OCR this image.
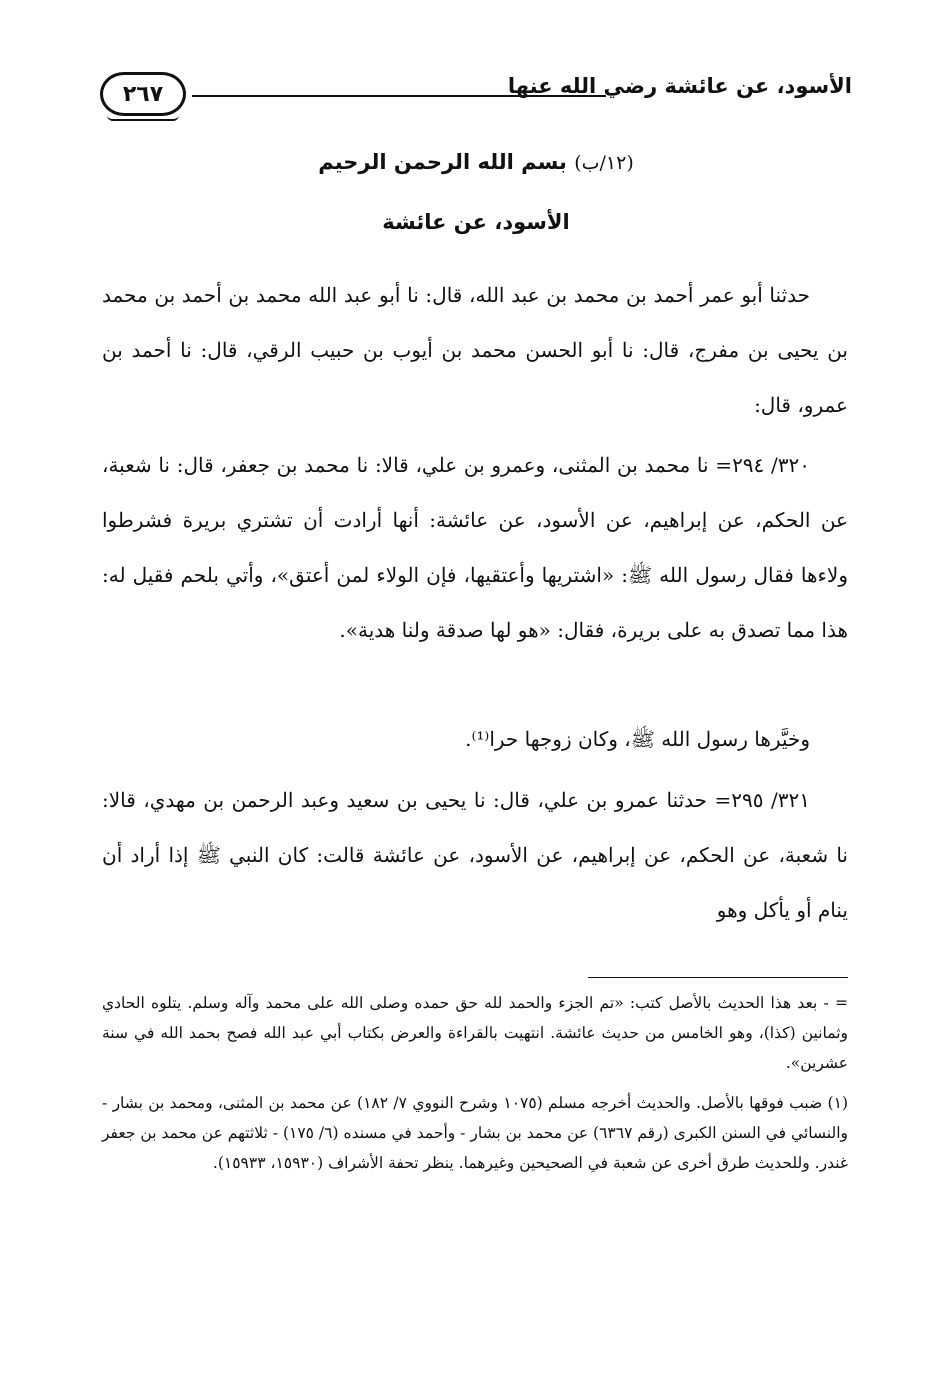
٢٦٧	الأسود، عن عائشة رضي الله عنها
(١٢/ب) بسم الله الرحمن الرحيم
الأسود، عن عائشة

حدثنا أبو عمر أحمد بن محمد بن عبد الله، قال: نا أبو عبد الله محمد بن أحمد بن محمد بن يحيى بن مفرج، قال: نا أبو الحسن محمد بن أيوب بن حبيب الرقي، قال: نا أحمد بن عمرو، قال:

٣٢٠/ ٢٩٤= نا محمد بن المثنى، وعمرو بن علي، قالا: نا محمد بن جعفر، قال: نا شعبة، عن الحكم، عن إبراهيم، عن الأسود، عن عائشة: أنها أرادت أن تشتري بريرة فشرطوا ولاءها فقال رسول الله ﷺ: «اشتريها وأعتقيها، فإن الولاء لمن أعتق»، وأتي بلحم فقيل له: هذا مما تصدق به على بريرة، فقال: «هو لها صدقة ولنا هدية».

وخيَّرها رسول الله ﷺ، وكان زوجها حرا⁽¹⁾.

٣٢١/ ٢٩٥= حدثنا عمرو بن علي، قال: نا يحيى بن سعيد وعبد الرحمن بن مهدي، قالا: نا شعبة، عن الحكم، عن إبراهيم، عن الأسود، عن عائشة قالت: كان النبي ﷺ إذا أراد أن ينام أو يأكل وهو

= - بعد هذا الحديث بالأصل كتب: «تم الجزء والحمد لله حق حمده وصلى الله على محمد وآله وسلم. يتلوه الحادي وثمانين (كذا)، وهو الخامس من حديث عائشة. انتهيت بالقراءة والعرض بكتاب أبي عبد الله فصح بحمد الله في سنة عشرين».

(١) ضبب فوقها بالأصل. والحديث أخرجه مسلم (١٠٧٥ وشرح النووي ٧/ ١٨٢) عن محمد بن المثنى، ومحمد بن بشار - والنسائي في السنن الكبرى (رقم ٦٣٦٧) عن محمد بن بشار - وأحمد في مسنده (٦/ ١٧٥) - ثلاثتهم عن محمد بن جعفر غندر. وللحديث طرق أخرى عن شعبة في الصحيحين وغيرهما. ينظر تحفة الأشراف (١٥٩٣٠، ١٥٩٣٣).
